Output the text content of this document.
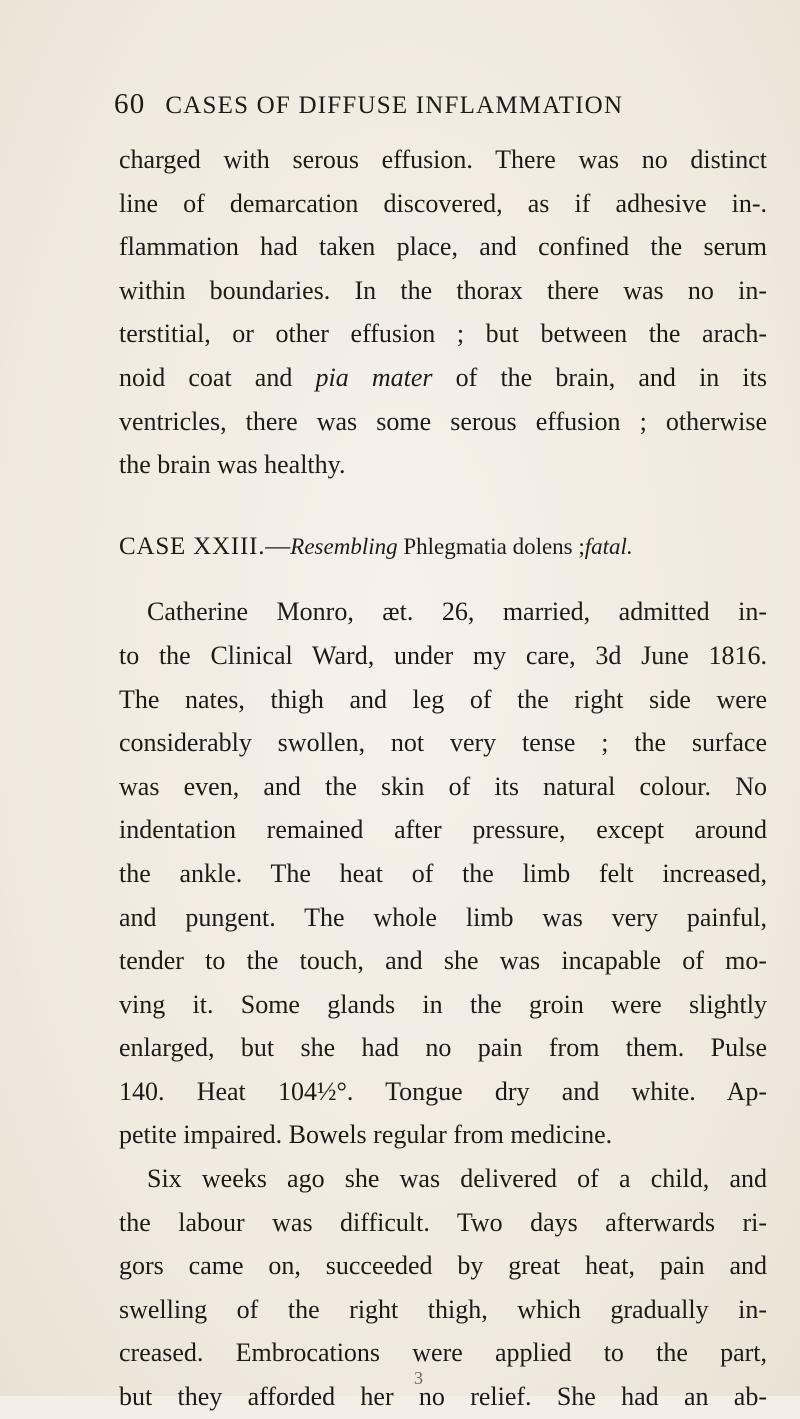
60 CASES OF DIFFUSE INFLAMMATION
charged with serous effusion. There was no distinct
line of demarcation discovered, as if adhesive in-.
flammation had taken place, and confined the serum
within boundaries. In the thorax there was no in-
terstitial, or other effusion ; but between the arach-
noid coat and pia mater of the brain, and in its
ventricles, there was some serous effusion ; otherwise
the brain was healthy.
CASE XXIII.—Resembling Phlegmatia dolens ;fatal.
Catherine Monro, æt. 26, married, admitted in-
to the Clinical Ward, under my care, 3d June 1816.
The nates, thigh and leg of the right side were
considerably swollen, not very tense ; the surface
was even, and the skin of its natural colour. No
indentation remained after pressure, except around
the ankle. The heat of the limb felt increased,
and pungent. The whole limb was very painful,
tender to the touch, and she was incapable of mo-
ving it. Some glands in the groin were slightly
enlarged, but she had no pain from them. Pulse
140. Heat 104½°. Tongue dry and white. Ap-
petite impaired. Bowels regular from medicine.
Six weeks ago she was delivered of a child, and
the labour was difficult. Two days afterwards ri-
gors came on, succeeded by great heat, pain and
swelling of the right thigh, which gradually in-
creased. Embrocations were applied to the part,
but they afforded her no relief. She had an ab-
3
